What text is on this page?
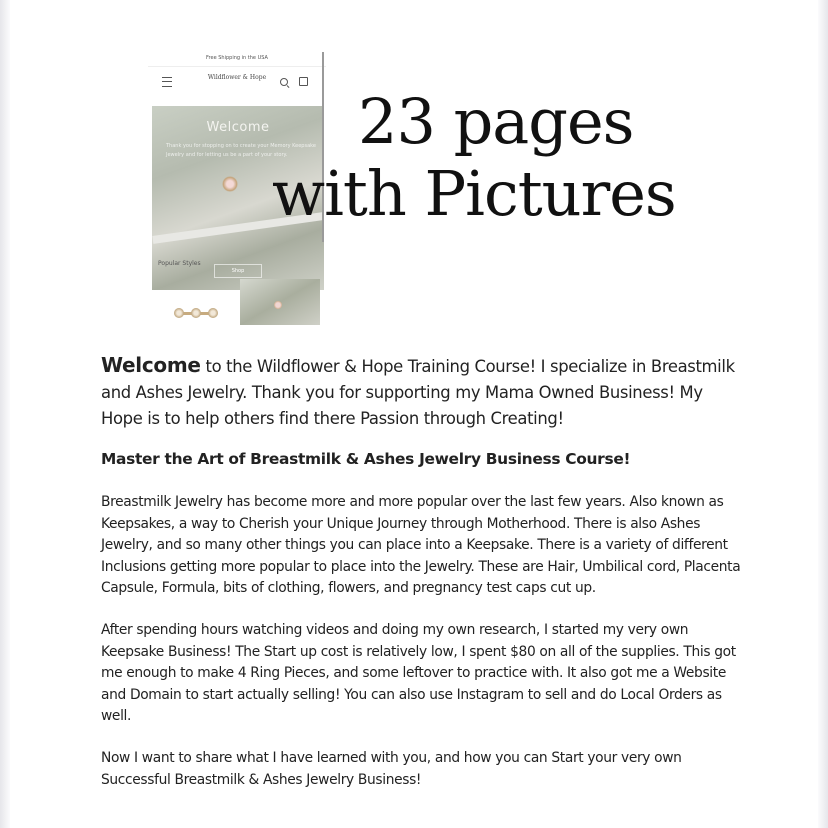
Free Shipping in the USA
Wildflower & Hope
Welcome
Thank you for stopping on to create your Memory Keepsake Jewelry and for letting us be a part of your story.
Shop
Popular Styles
23 pages
with Pictures

Welcome to the Wildflower & Hope Training Course! I specialize in Breastmilk and Ashes Jewelry. Thank you for supporting my Mama Owned Business! My Hope is to help others find there Passion through Creating!

Master the Art of Breastmilk & Ashes Jewelry Business Course!

Breastmilk Jewelry has become more and more popular over the last few years. Also known as Keepsakes, a way to Cherish your Unique Journey through Motherhood. There is also Ashes Jewelry, and so many other things you can place into a Keepsake. There is a variety of different Inclusions getting more popular to place into the Jewelry. These are Hair, Umbilical cord, Placenta Capsule, Formula, bits of clothing, flowers, and pregnancy test caps cut up.

After spending hours watching videos and doing my own research, I started my very own Keepsake Business! The Start up cost is relatively low, I spent $80 on all of the supplies. This got me enough to make 4 Ring Pieces, and some leftover to practice with. It also got me a Website and Domain to start actually selling! You can also use Instagram to sell and do Local Orders as well.

Now I want to share what I have learned with you, and how you can Start your very own Successful Breastmilk & Ashes Jewelry Business!
